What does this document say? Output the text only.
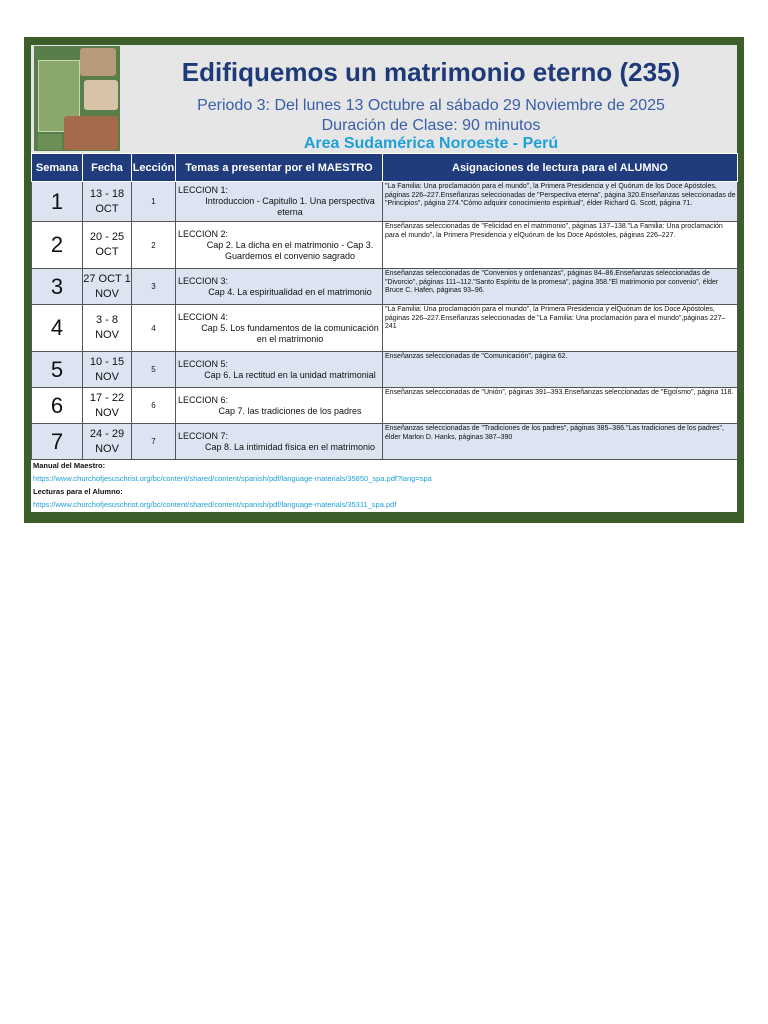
Edifiquemos un matrimonio eterno (235)
Periodo 3: Del lunes 13 Octubre al sábado 29 Noviembre de 2025
Duración de Clase: 90 minutos
Area Sudamérica Noroeste - Perú
Semana	Fecha	Lección	Temas a presentar por el MAESTRO	Asignaciones de lectura para el ALUMNO
1	13 - 18 OCT	1	LECCION 1:
Introduccion - Capitullo 1. Una perspectiva eterna	"La Familia: Una proclamación para el mundo", la Primera Presidencia y el Quórum de los Doce Apóstoles, páginas 226–227.Enseñanzas seleccionadas de "Perspectiva eterna", página 320.Enseñanzas seleccionadas de "Principios", página 274."Cómo adquirir conocimiento espiritual", élder Richard G. Scott, página 71.
2	20 - 25 OCT	2	LECCION 2:
Cap 2. La dicha en el matrimonio - Cap 3. Guardemos el convenio sagrado	Enseñanzas seleccionadas de "Felicidad en el matrimonio", páginas 137–138."La Familia: Una proclamación para el mundo", la Primera Presidencia y elQuórum de los Doce Apóstoles, páginas 226–227.
3	27 OCT 1 NOV	3	LECCION 3:
Cap 4. La espiritualidad en el matrimonio	Enseñanzas seleccionadas de "Convenios y ordenanzas", páginas 84–86.Enseñanzas seleccionadas de "Divorcio", páginas 111–112."Santo Espíritu de la promesa", página 358."El matrimonio por convenio", élder Bruce C. Hafen, páginas 93–96.
4	3 - 8 NOV	4	LECCION 4:
Cap 5. Los fundamentos de la comunicación en el matrimonio	"La Familia: Una proclamación para el mundo", la Primera Presidencia y elQuórum de los Doce Apóstoles, páginas 226–227.Enseñanzas seleccionadas de "La Familia: Una proclamación para el mundo",páginas 227–241
5	10 - 15 NOV	5	LECCION 5:
Cap 6. La rectitud en la unidad matrimonial	Enseñanzas seleccionadas de "Comunicación", página 62.
6	17 - 22 NOV	6	LECCION 6:
Cap 7. las tradiciones de los padres	Enseñanzas seleccionadas de "Unión", páginas 391–393.Enseñanzas seleccionadas de "Egoísmo", página 118.
7	24 - 29 NOV	7	LECCION 7:
Cap 8. La intimidad física en el matrimonio	Enseñanzas seleccionadas de "Tradiciones de los padres", páginas 385–386."Las tradiciones de los padres", élder Marlon D. Hanks, páginas 387–390
Manual del Maestro:
https://www.churchofjesuschrist.org/bc/content/shared/content/spanish/pdf/language-materials/35850_spa.pdf?lang=spa
Lecturas para el Alumno:
https://www.churchofjesuschrist.org/bc/content/shared/content/spanish/pdf/language-materials/35311_spa.pdf
